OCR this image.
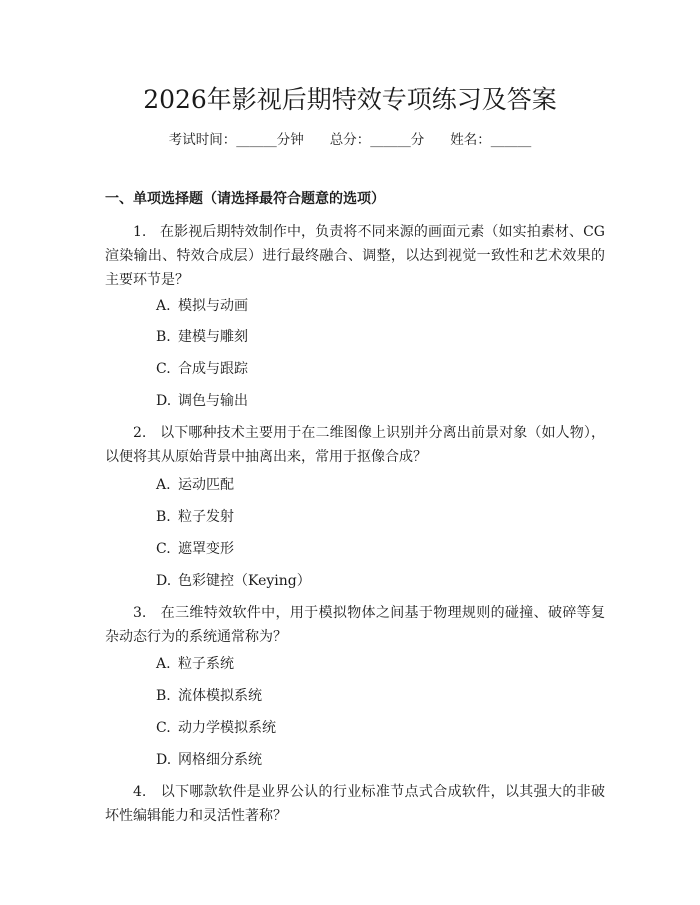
2026年影视后期特效专项练习及答案
考试时间：______分钟 总分：______分 姓名：______
一、单项选择题（请选择最符合题意的选项）
1. 在影视后期特效制作中，负责将不同来源的画面元素（如实拍素材、CG渲染输出、特效合成层）进行最终融合、调整，以达到视觉一致性和艺术效果的主要环节是？
A. 模拟与动画
B. 建模与雕刻
C. 合成与跟踪
D. 调色与输出
2. 以下哪种技术主要用于在二维图像上识别并分离出前景对象（如人物），以便将其从原始背景中抽离出来，常用于抠像合成？
A. 运动匹配
B. 粒子发射
C. 遮罩变形
D. 色彩键控（Keying）
3. 在三维特效软件中，用于模拟物体之间基于物理规则的碰撞、破碎等复杂动态行为的系统通常称为？
A. 粒子系统
B. 流体模拟系统
C. 动力学模拟系统
D. 网格细分系统
4. 以下哪款软件是业界公认的行业标准节点式合成软件，以其强大的非破坏性编辑能力和灵活性著称？
